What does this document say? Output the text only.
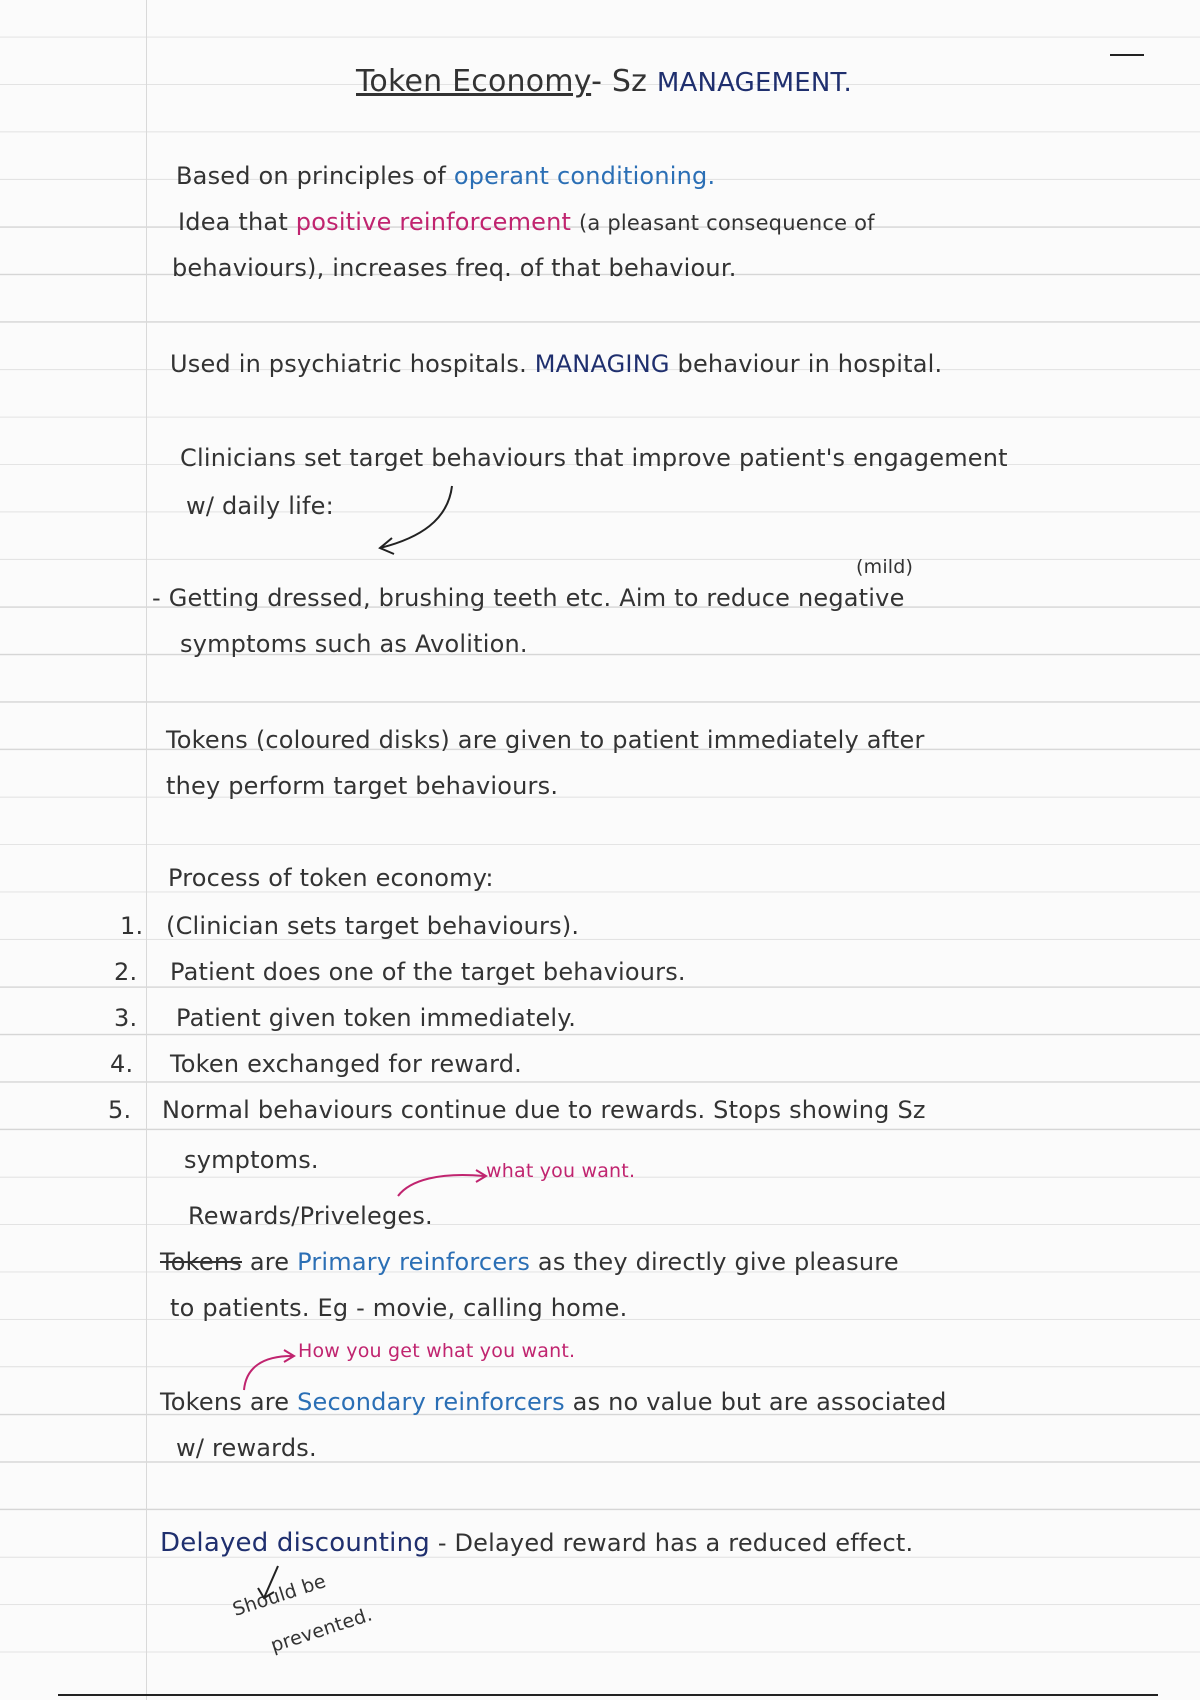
Token Economy- Sz MANAGEMENT.
Based on principles of operant conditioning.
Idea that positive reinforcement (a pleasant consequence of
behaviours), increases freq. of that behaviour.
Used in psychiatric hospitals. MANAGING behaviour in hospital.
Clinicians set target behaviours that improve patient's engagement
w/ daily life:
(mild)
- Getting dressed, brushing teeth etc. Aim to reduce negative
symptoms such as Avolition.
Tokens (coloured disks) are given to patient immediately after
they perform target behaviours.
Process of token economy:
1. (Clinician sets target behaviours).
2. Patient does one of the target behaviours.
3. Patient given token immediately.
4. Token exchanged for reward.
5. Normal behaviours continue due to rewards. Stops showing Sz
symptoms.	what you want.
Rewards/Priveleges.
Tokens are Primary reinforcers as they directly give pleasure
to patients. Eg - movie, calling home.
How you get what you want.
Tokens are Secondary reinforcers as no value but are associated
w/ rewards.
Delayed discounting - Delayed reward has a reduced effect.
Should be
prevented.
